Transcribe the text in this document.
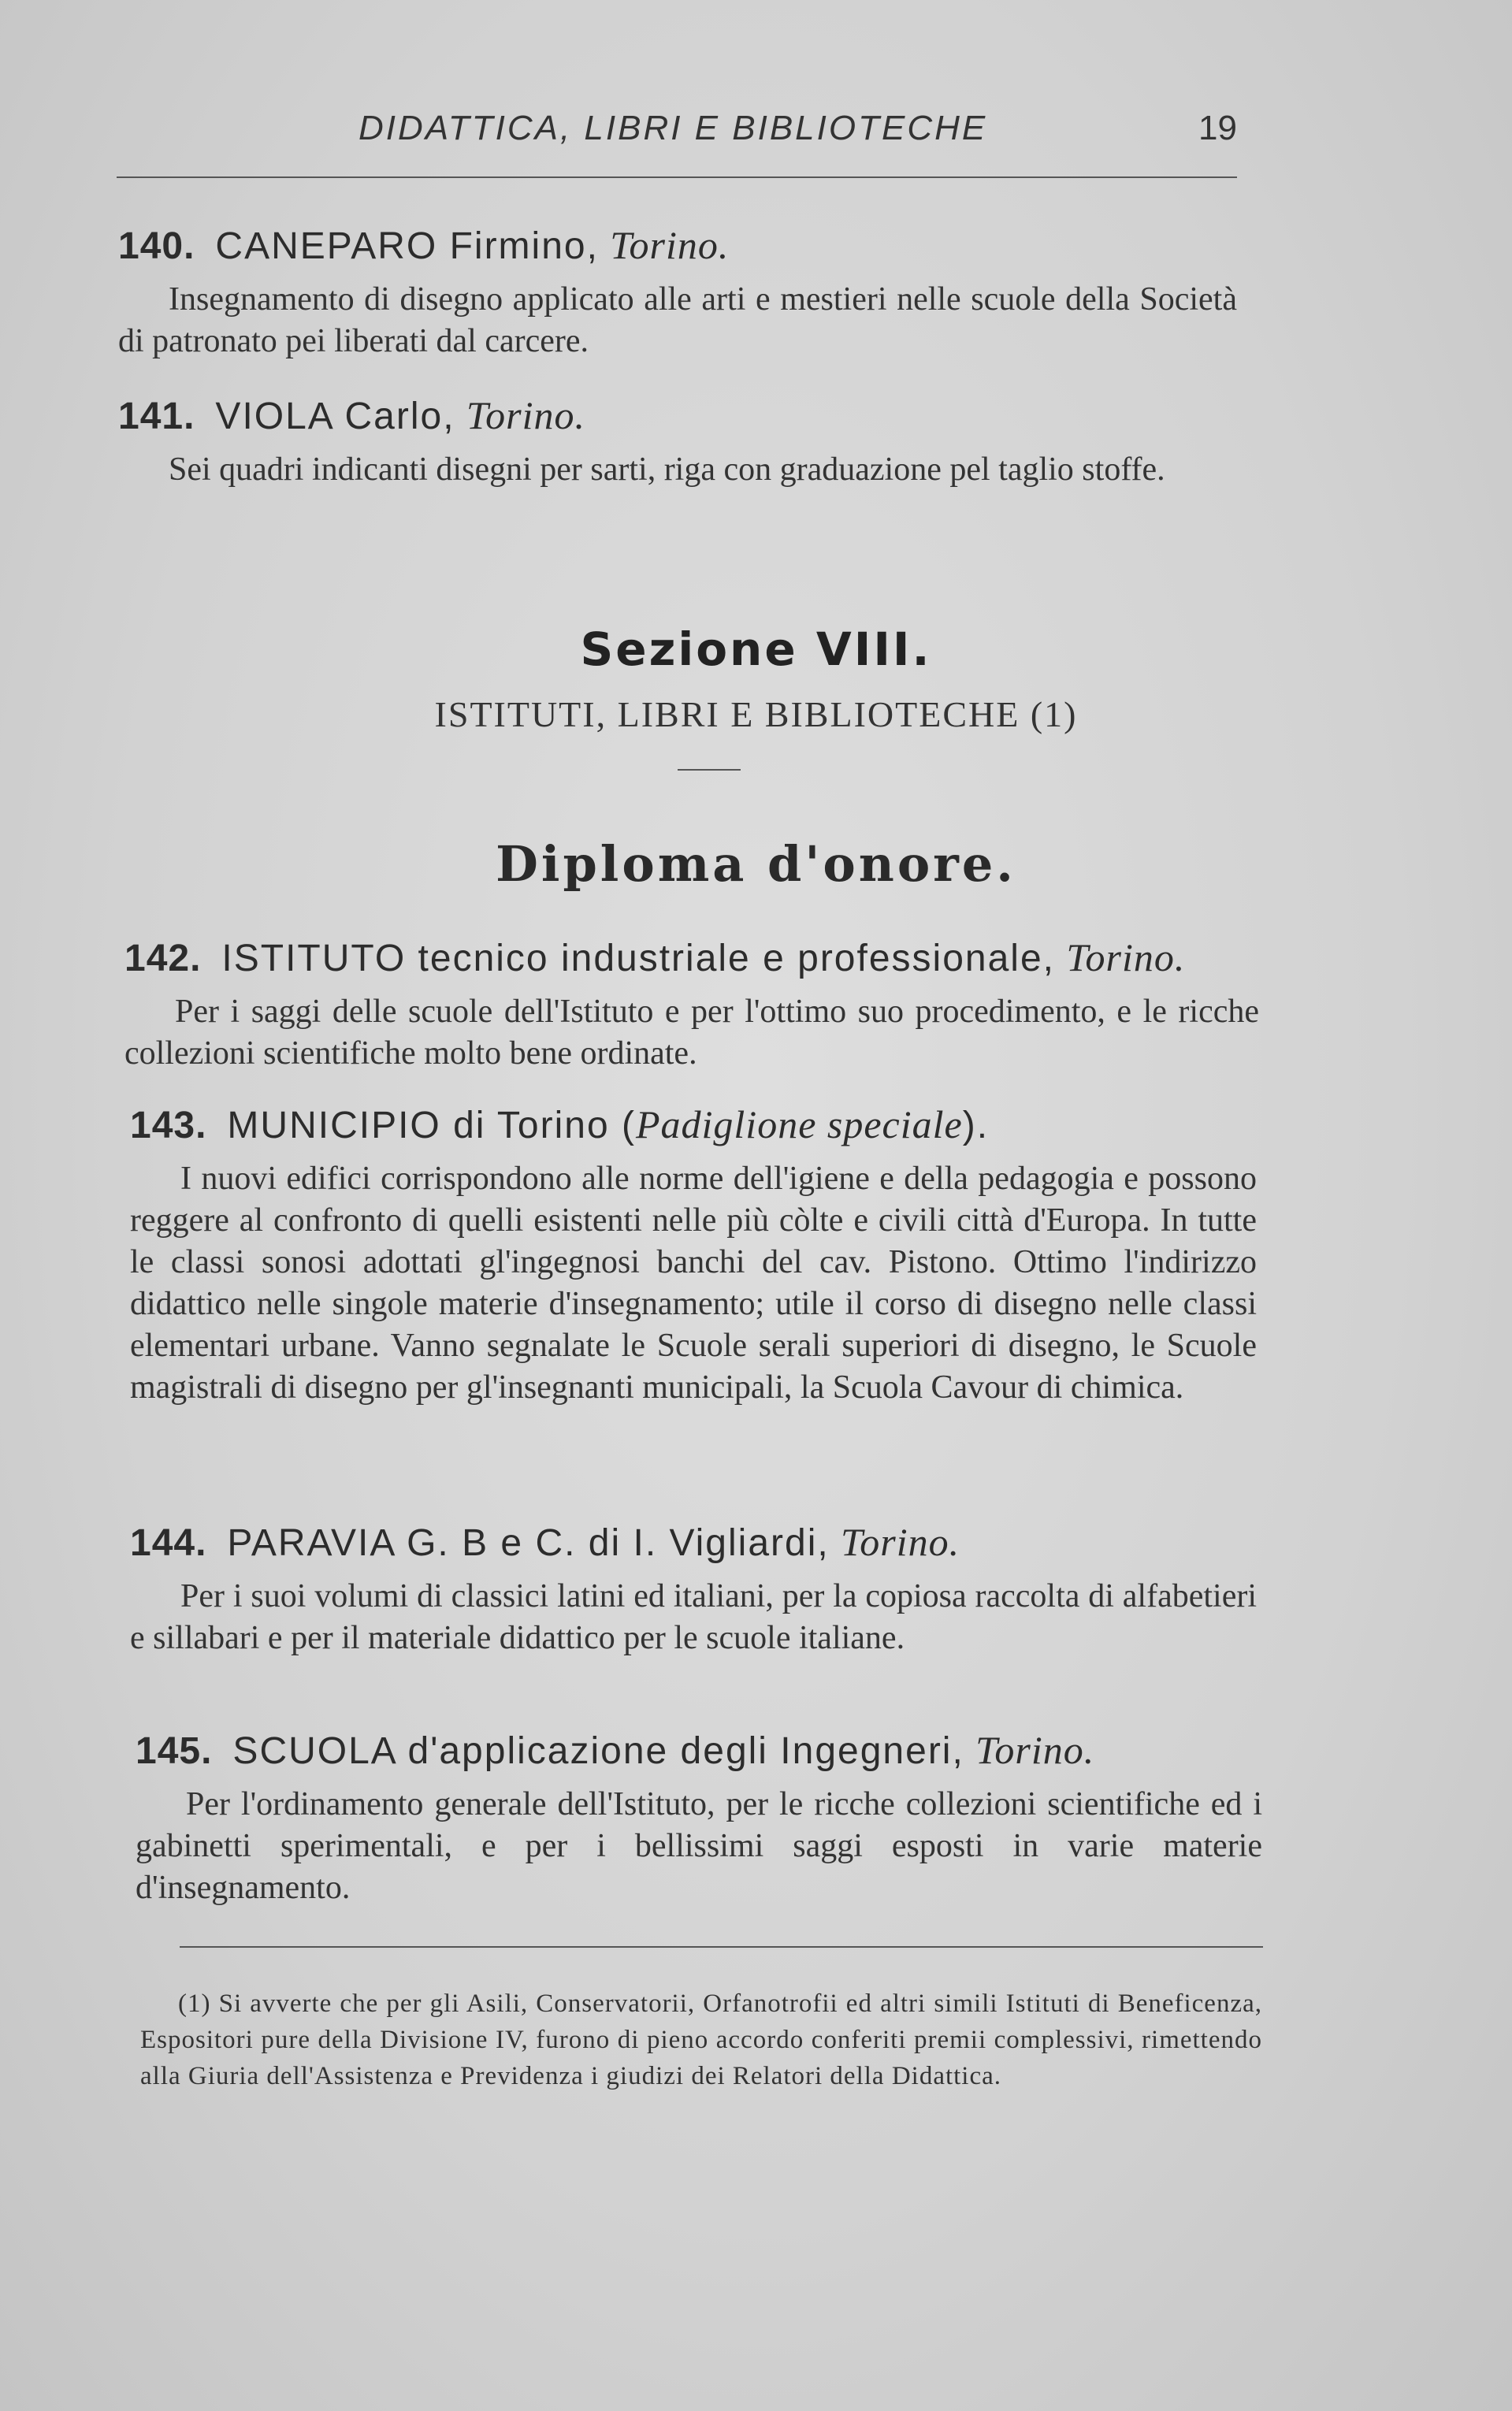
DIDATTICA, LIBRI E BIBLIOTECHE	19
140. CANEPARO Firmino, Torino.
Insegnamento di disegno applicato alle arti e mestieri nelle scuole della Società di patronato pei liberati dal carcere.
141. VIOLA Carlo, Torino.
Sei quadri indicanti disegni per sarti, riga con graduazione pel taglio stoffe.
Sezione VIII.
ISTITUTI, LIBRI E BIBLIOTECHE (1)
Diploma d'onore.
142. ISTITUTO tecnico industriale e professionale, Torino.
Per i saggi delle scuole dell'Istituto e per l'ottimo suo procedimento, e le ricche collezioni scientifiche molto bene ordinate.
143. MUNICIPIO di Torino (Padiglione speciale).
I nuovi edifici corrispondono alle norme dell'igiene e della pedagogia e possono reggere al confronto di quelli esistenti nelle più còlte e civili città d'Europa. In tutte le classi sonosi adottati gl'ingegnosi banchi del cav. Pistono. Ottimo l'indirizzo didattico nelle singole materie d'insegnamento; utile il corso di disegno nelle classi elementari urbane. Vanno segnalate le Scuole serali superiori di disegno, le Scuole magistrali di disegno per gl'insegnanti municipali, la Scuola Cavour di chimica.
144. PARAVIA G. B e C. di I. Vigliardi, Torino.
Per i suoi volumi di classici latini ed italiani, per la copiosa raccolta di alfabetieri e sillabari e per il materiale didattico per le scuole italiane.
145. SCUOLA d'applicazione degli Ingegneri, Torino.
Per l'ordinamento generale dell'Istituto, per le ricche collezioni scientifiche ed i gabinetti sperimentali, e per i bellissimi saggi esposti in varie materie d'insegnamento.
(1) Si avverte che per gli Asili, Conservatorii, Orfanotrofii ed altri simili Istituti di Beneficenza, Espositori pure della Divisione IV, furono di pieno accordo conferiti premii complessivi, rimettendo alla Giuria dell'Assistenza e Previdenza i giudizi dei Relatori della Didattica.
